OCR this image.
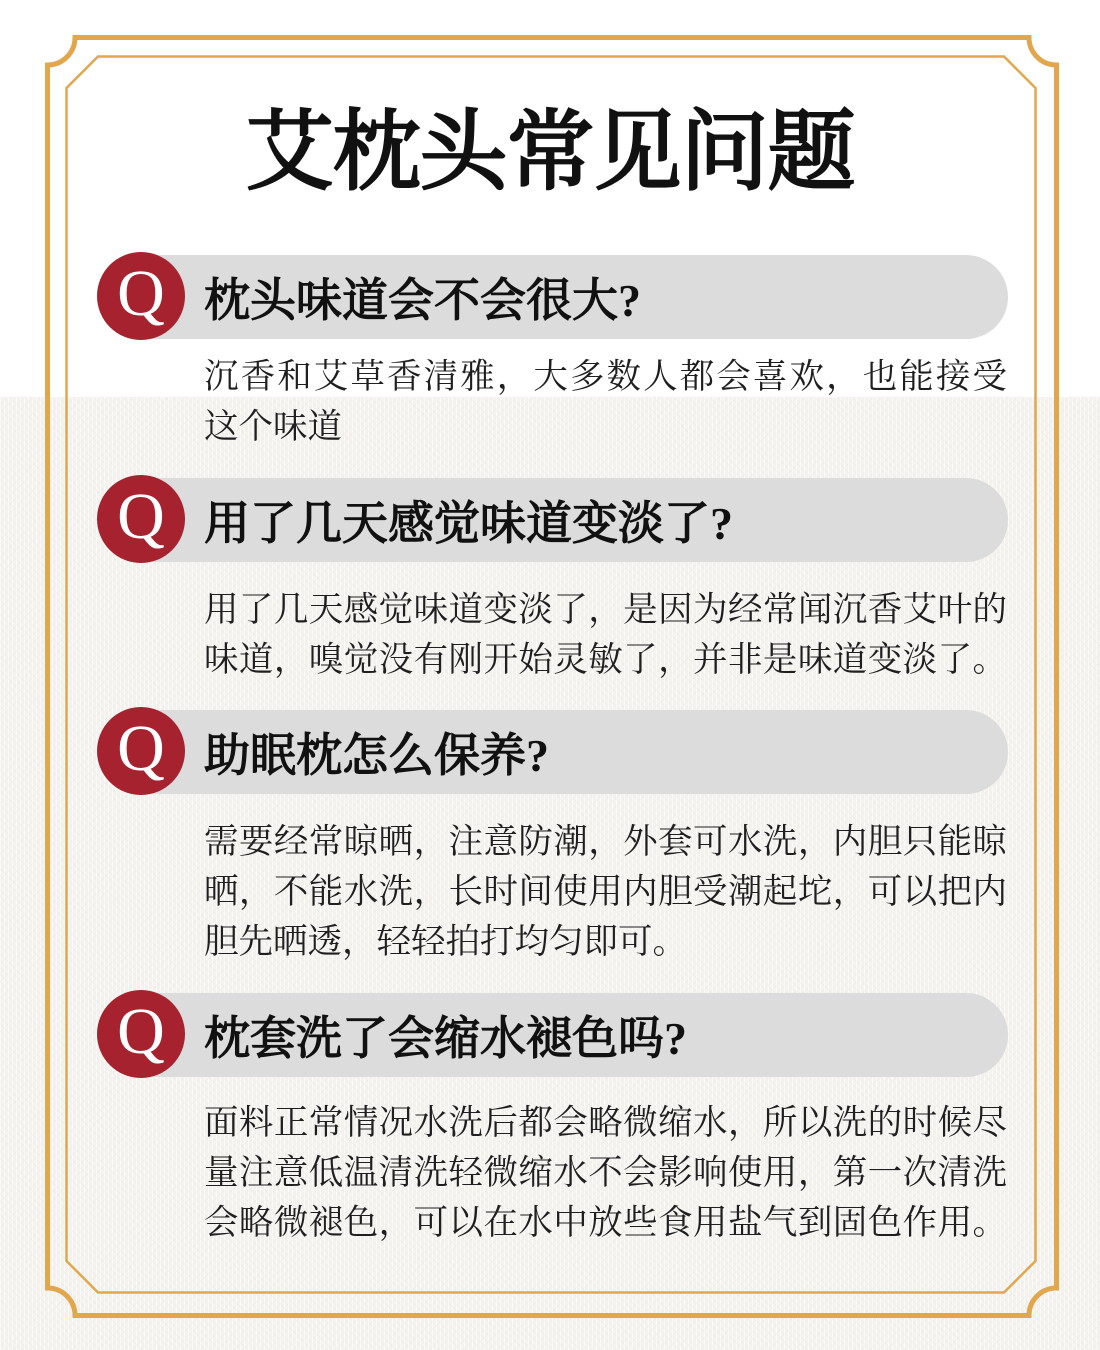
艾枕头常见问题
枕头味道会不会很大?
Q

沉香和艾草香清雅，大多数人都会喜欢，也能接受

这个味道

用了几天感觉味道变淡了?
Q

用了几天感觉味道变淡了，是因为经常闻沉香艾叶的

味道，嗅觉没有刚开始灵敏了，并非是味道变淡了。

助眠枕怎么保养?
Q

需要经常晾晒，注意防潮，外套可水洗，内胆只能晾

晒，不能水洗，长时间使用内胆受潮起坨，可以把内

胆先晒透，轻轻拍打均匀即可。

枕套洗了会缩水褪色吗?
Q

面料正常情况水洗后都会略微缩水，所以洗的时候尽

量注意低温清洗轻微缩水不会影响使用，第一次清洗

会略微褪色，可以在水中放些食用盐气到固色作用。
